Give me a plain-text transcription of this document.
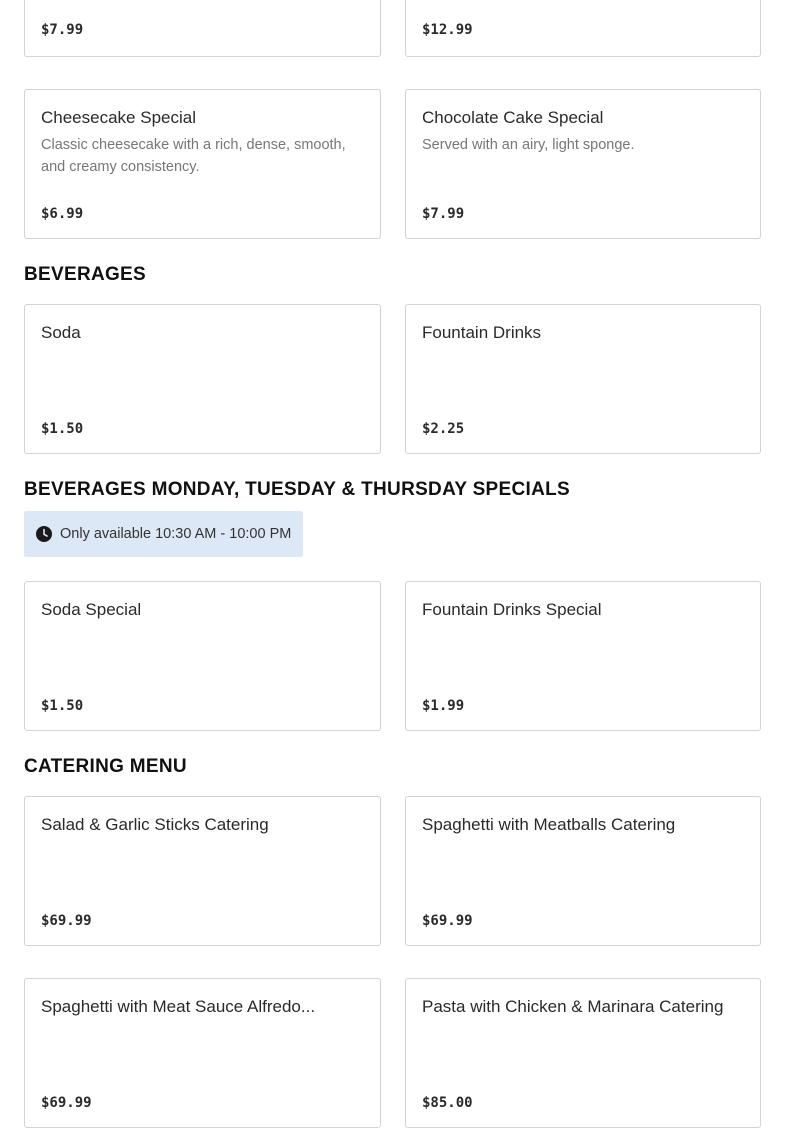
$7.99	$12.99
Cheesecake Special
Classic cheesecake with a rich, dense, smooth, and creamy consistency.
$6.99
Chocolate Cake Special
Served with an airy, light sponge.
$7.99
BEVERAGES
Soda
$1.50
Fountain Drinks
$2.25
BEVERAGES MONDAY, TUESDAY & THURSDAY SPECIALS
Only available 10:30 AM - 10:00 PM
Soda Special
$1.50
Fountain Drinks Special
$1.99
CATERING MENU
Salad & Garlic Sticks Catering
$69.99
Spaghetti with Meatballs Catering
$69.99
Spaghetti with Meat Sauce Alfredo...
$69.99
Pasta with Chicken & Marinara Catering
$85.00
